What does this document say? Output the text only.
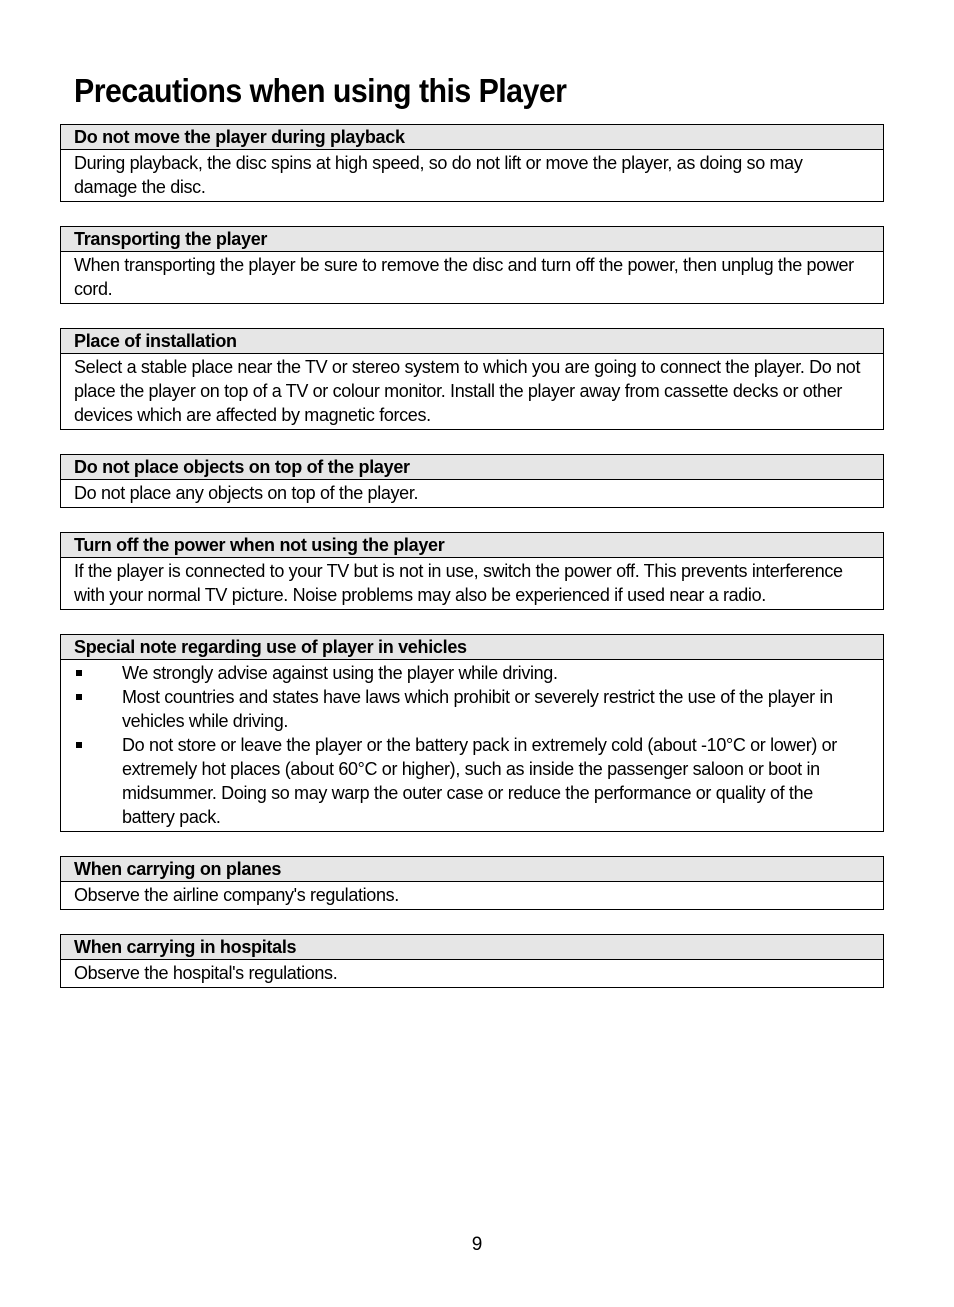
Precautions when using this Player
Do not move the player during playback
During playback, the disc spins at high speed, so do not lift or move the player, as doing so may damage the disc.
Transporting the player
When transporting the player be sure to remove the disc and turn off the power, then unplug the power cord.
Place of installation
Select a stable place near the TV or stereo system to which you are going to connect the player. Do not place the player on top of a TV or colour monitor. Install the player away from cassette decks or other devices which are affected by magnetic forces.
Do not place objects on top of the player
Do not place any objects on top of the player.
Turn off the power when not using the player
If the player is connected to your TV but is not in use, switch the power off. This prevents interference with your normal TV picture. Noise problems may also be experienced if used near a radio.
Special note regarding use of player in vehicles
We strongly advise against using the player while driving.
Most countries and states have laws which prohibit or severely restrict the use of the player in vehicles while driving.
Do not store or leave the player or the battery pack in extremely cold (about -10°C or lower) or extremely hot places (about 60°C or higher), such as inside the passenger saloon or boot in midsummer. Doing so may warp the outer case or reduce the performance or quality of the battery pack.
When carrying on planes
Observe the airline company's regulations.
When carrying in hospitals
Observe the hospital's regulations.
9
